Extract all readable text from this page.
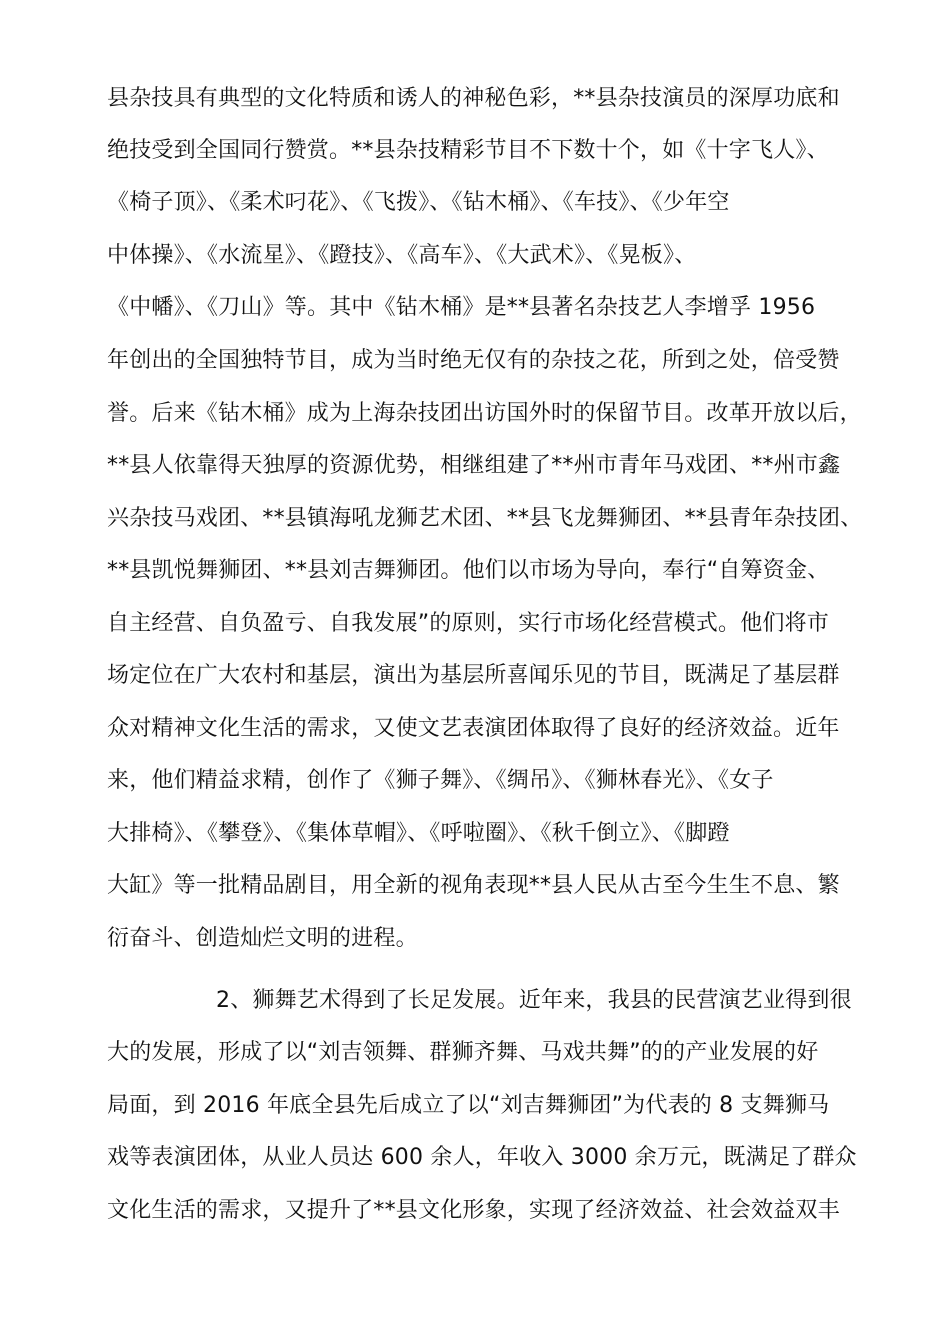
县杂技具有典型的文化特质和诱人的神秘色彩，**县杂技演员的深厚功底和
绝技受到全国同行赞赏。**县杂技精彩节目不下数十个，如《十字飞人》、
《椅子顶》、《柔术叼花》、《飞拨》、《钻木桶》、《车技》、《少年空
中体操》、《水流星》、《蹬技》、《高车》、《大武术》、《晃板》、
《中幡》、《刀山》等。其中《钻木桶》是**县著名杂技艺人李增孚 1956
年创出的全国独特节目，成为当时绝无仅有的杂技之花，所到之处，倍受赞
誉。后来《钻木桶》成为上海杂技团出访国外时的保留节目。改革开放以后，
**县人依靠得天独厚的资源优势，相继组建了**州市青年马戏团、**州市鑫
兴杂技马戏团、**县镇海吼龙狮艺术团、**县飞龙舞狮团、**县青年杂技团、
**县凯悦舞狮团、**县刘吉舞狮团。他们以市场为导向，奉行“自筹资金、
自主经营、自负盈亏、自我发展”的原则，实行市场化经营模式。他们将市
场定位在广大农村和基层，演出为基层所喜闻乐见的节目，既满足了基层群
众对精神文化生活的需求，又使文艺表演团体取得了良好的经济效益。近年
来，他们精益求精，创作了《狮子舞》、《绸吊》、《狮林春光》、《女子
大排椅》、《攀登》、《集体草帽》、《呼啦圈》、《秋千倒立》、《脚蹬
大缸》等一批精品剧目，用全新的视角表现**县人民从古至今生生不息、繁
衍奋斗、创造灿烂文明的进程。
2、狮舞艺术得到了长足发展。近年来，我县的民营演艺业得到很
大的发展，形成了以“刘吉领舞、群狮齐舞、马戏共舞”的的产业发展的好
局面，到 2016 年底全县先后成立了以“刘吉舞狮团”为代表的 8 支舞狮马
戏等表演团体，从业人员达 600 余人，年收入 3000 余万元，既满足了群众
文化生活的需求，又提升了**县文化形象，实现了经济效益、社会效益双丰
